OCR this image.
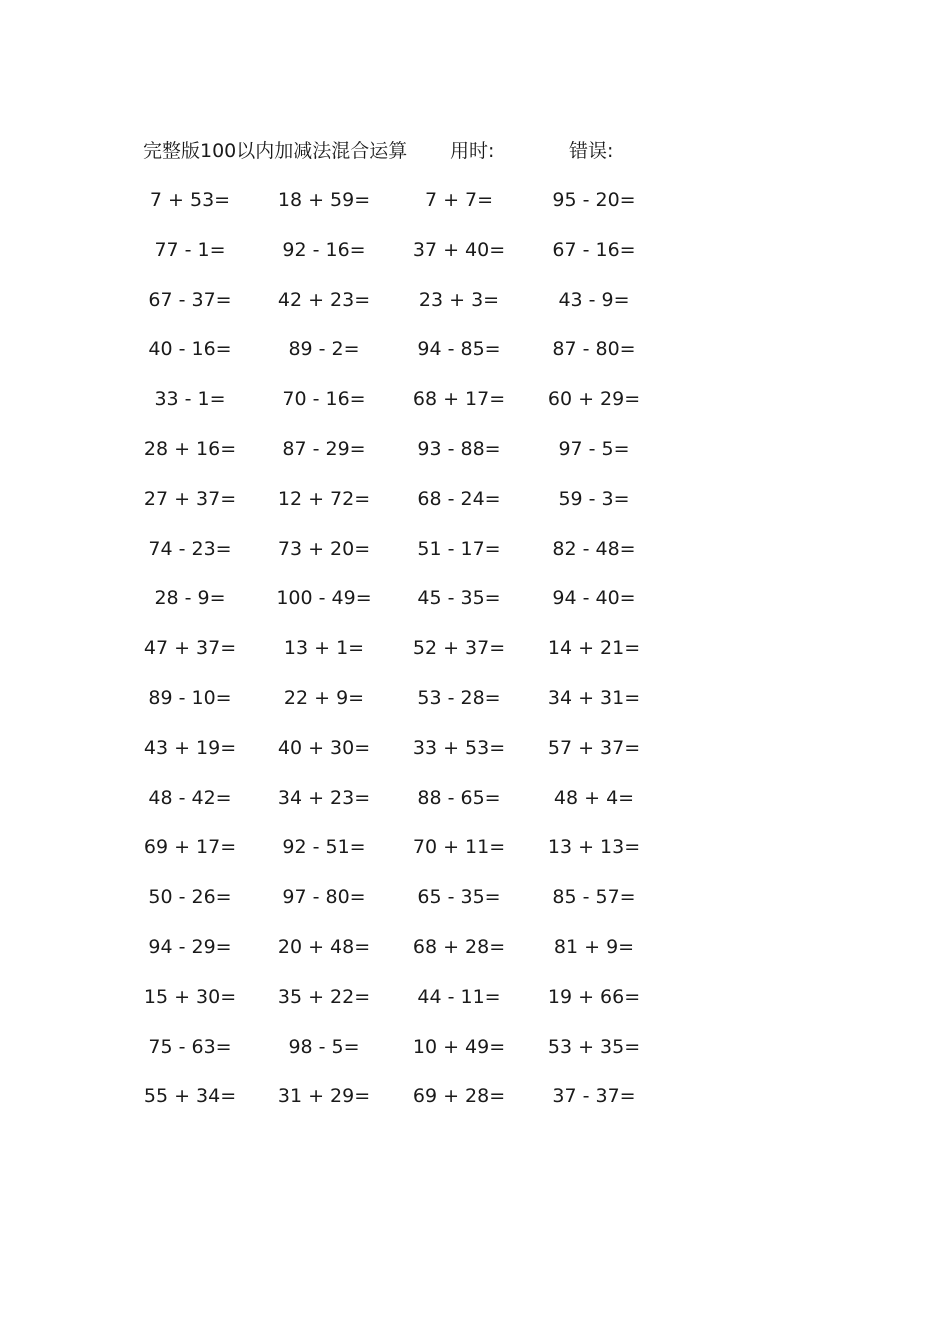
完整版100以内加减法混合运算 用时:	错误:
7 + 53=	18 + 59=	7 + 7=	95 - 20=
77 - 1=	92 - 16=	37 + 40=	67 - 16=
67 - 37=	42 + 23=	23 + 3=	43 - 9=
40 - 16=	89 - 2=	94 - 85=	87 - 80=
33 - 1=	70 - 16=	68 + 17=	60 + 29=
28 + 16=	87 - 29=	93 - 88=	97 - 5=
27 + 37=	12 + 72=	68 - 24=	59 - 3=
74 - 23=	73 + 20=	51 - 17=	82 - 48=
28 - 9=	100 - 49=	45 - 35=	94 - 40=
47 + 37=	13 + 1=	52 + 37=	14 + 21=
89 - 10=	22 + 9=	53 - 28=	34 + 31=
43 + 19=	40 + 30=	33 + 53=	57 + 37=
48 - 42=	34 + 23=	88 - 65=	48 + 4=
69 + 17=	92 - 51=	70 + 11=	13 + 13=
50 - 26=	97 - 80=	65 - 35=	85 - 57=
94 - 29=	20 + 48=	68 + 28=	81 + 9=
15 + 30=	35 + 22=	44 - 11=	19 + 66=
75 - 63=	98 - 5=	10 + 49=	53 + 35=
55 + 34=	31 + 29=	69 + 28=	37 - 37=
